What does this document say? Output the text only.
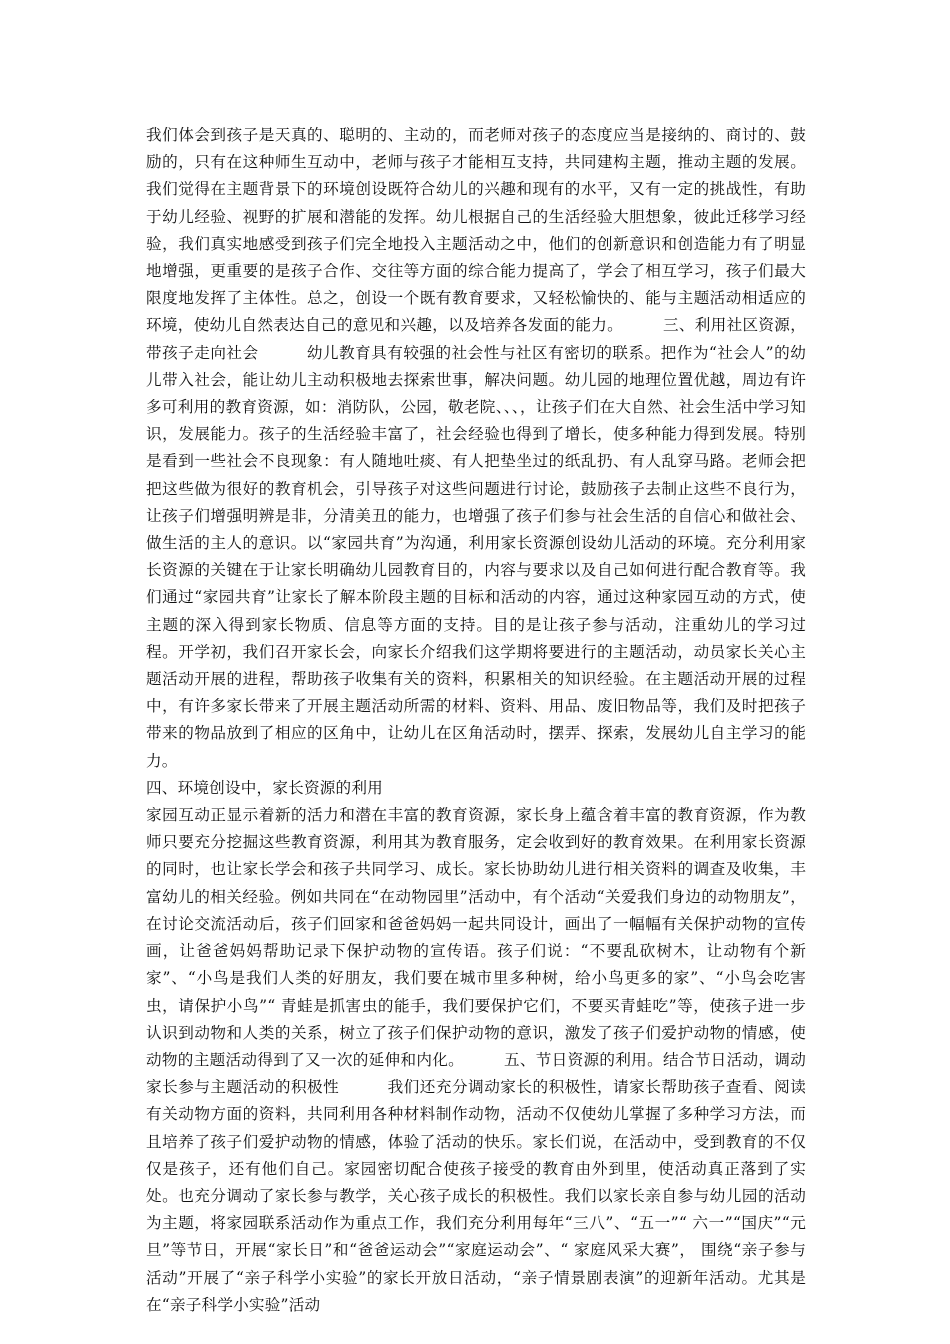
我们体会到孩子是天真的、聪明的、主动的，而老师对孩子的态度应当是接纳的、商讨的、鼓励的，只有在这种师生互动中，老师与孩子才能相互支持，共同建构主题，推动主题的发展。我们觉得在主题背景下的环境创设既符合幼儿的兴趣和现有的水平，又有一定的挑战性，有助于幼儿经验、视野的扩展和潜能的发挥。幼儿根据自己的生活经验大胆想象，彼此迁移学习经验，我们真实地感受到孩子们完全地投入主题活动之中，他们的创新意识和创造能力有了明显地增强，更重要的是孩子合作、交往等方面的综合能力提高了，学会了相互学习，孩子们最大限度地发挥了主体性。总之，创设一个既有教育要求，又轻松愉快的、能与主题活动相适应的环境，使幼儿自然表达自己的意见和兴趣，以及培养各发面的能力。　　　三、利用社区资源，带孩子走向社会　　　幼儿教育具有较强的社会性与社区有密切的联系。把作为“社会人”的幼儿带入社会，能让幼儿主动积极地去探索世事，解决问题。幼儿园的地理位置优越，周边有许多可利用的教育资源，如：消防队，公园，敬老院、、、，让孩子们在大自然、社会生活中学习知识，发展能力。孩子的生活经验丰富了，社会经验也得到了增长，使多种能力得到发展。特别是看到一些社会不良现象：有人随地吐痰、有人把垫坐过的纸乱扔、有人乱穿马路。老师会把把这些做为很好的教育机会，引导孩子对这些问题进行讨论，鼓励孩子去制止这些不良行为，让孩子们增强明辨是非，分清美丑的能力，也增强了孩子们参与社会生活的自信心和做社会、做生活的主人的意识。以“家园共育”为沟通，利用家长资源创设幼儿活动的环境。充分利用家长资源的关键在于让家长明确幼儿园教育目的，内容与要求以及自己如何进行配合教育等。我们通过“家园共育”让家长了解本阶段主题的目标和活动的内容，通过这种家园互动的方式，使主题的深入得到家长物质、信息等方面的支持。目的是让孩子参与活动，注重幼儿的学习过程。开学初，我们召开家长会，向家长介绍我们这学期将要进行的主题活动，动员家长关心主题活动开展的进程，帮助孩子收集有关的资料，积累相关的知识经验。在主题活动开展的过程中，有许多家长带来了开展主题活动所需的材料、资料、用品、废旧物品等，我们及时把孩子带来的物品放到了相应的区角中，让幼儿在区角活动时，摆弄、探索，发展幼儿自主学习的能力。

四、环境创设中，家长资源的利用

家园互动正显示着新的活力和潜在丰富的教育资源，家长身上蕴含着丰富的教育资源，作为教师只要充分挖掘这些教育资源，利用其为教育服务，定会收到好的教育效果。在利用家长资源的同时，也让家长学会和孩子共同学习、成长。家长协助幼儿进行相关资料的调查及收集，丰富幼儿的相关经验。例如共同在“在动物园里”活动中，有个活动“关爱我们身边的动物朋友”，在讨论交流活动后，孩子们回家和爸爸妈妈一起共同设计，画出了一幅幅有关保护动物的宣传画，让爸爸妈妈帮助记录下保护动物的宣传语。孩子们说：“不要乱砍树木，让动物有个新家”、“小鸟是我们人类的好朋友，我们要在城市里多种树，给小鸟更多的家”、“小鸟会吃害虫，请保护小鸟”“ 青蛙是抓害虫的能手，我们要保护它们，不要买青蛙吃”等，使孩子进一步认识到动物和人类的关系，树立了孩子们保护动物的意识，激发了孩子们爱护动物的情感，使动物的主题活动得到了又一次的延伸和内化。　　　五、节日资源的利用。结合节日活动，调动家长参与主题活动的积极性　　　我们还充分调动家长的积极性，请家长帮助孩子查看、阅读有关动物方面的资料，共同利用各种材料制作动物，活动不仅使幼儿掌握了多种学习方法，而且培养了孩子们爱护动物的情感，体验了活动的快乐。家长们说，在活动中，受到教育的不仅仅是孩子，还有他们自己。家园密切配合使孩子接受的教育由外到里，使活动真正落到了实处。也充分调动了家长参与教学，关心孩子成长的积极性。我们以家长亲自参与幼儿园的活动为主题，将家园联系活动作为重点工作，我们充分利用每年“三八”、“五一”“ 六一”“国庆”“元旦”等节日，开展“家长日”和“爸爸运动会”“家庭运动会”、“ 家庭风采大赛”， 围绕“亲子参与活动”开展了“亲子科学小实验”的家长开放日活动，“亲子情景剧表演”的迎新年活动。尤其是在“亲子科学小实验”活动
